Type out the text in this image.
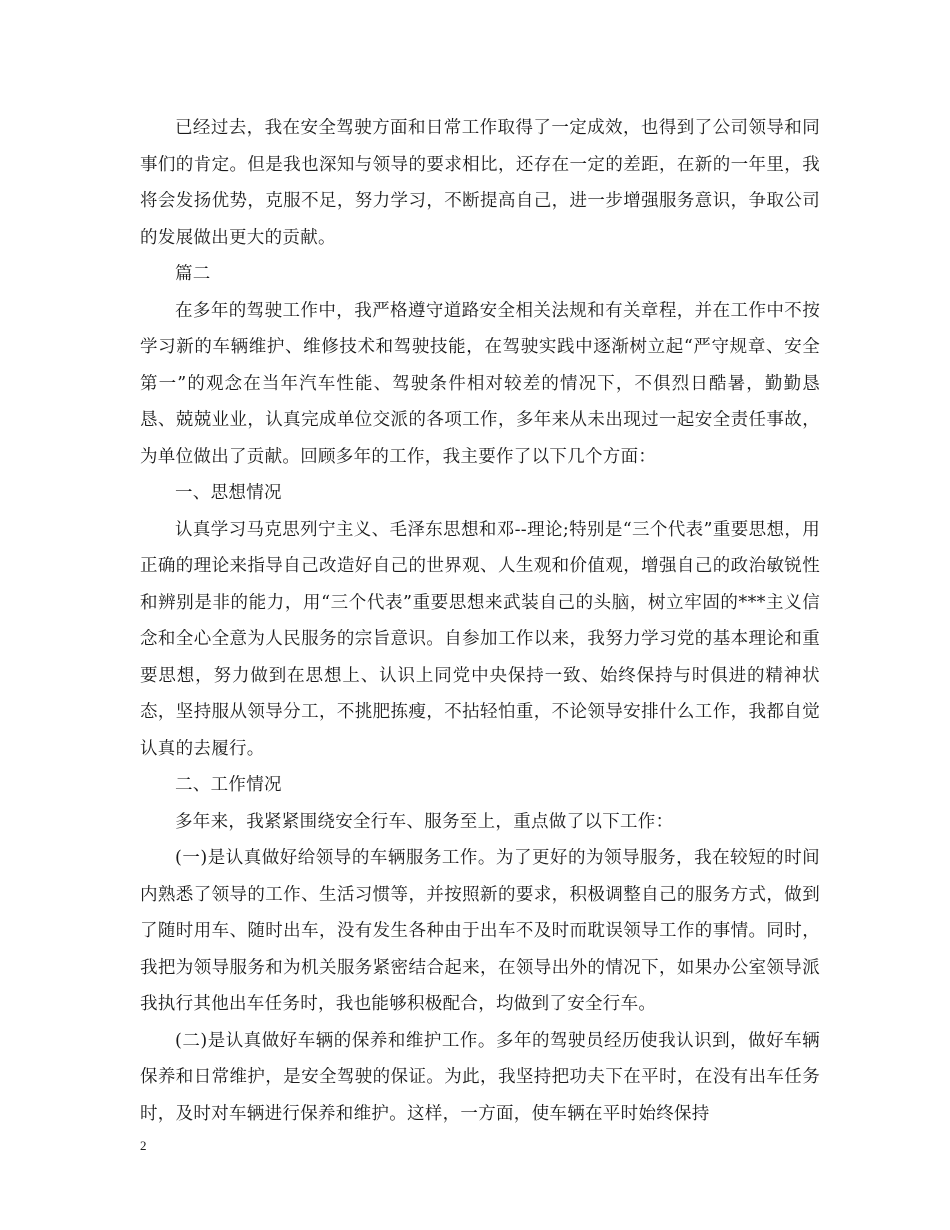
已经过去，我在安全驾驶方面和日常工作取得了一定成效，也得到了公司领导和同事们的肯定。但是我也深知与领导的要求相比，还存在一定的差距，在新的一年里，我将会发扬优势，克服不足，努力学习，不断提高自己，进一步增强服务意识，争取公司的发展做出更大的贡献。

篇二

在多年的驾驶工作中，我严格遵守道路安全相关法规和有关章程，并在工作中不按学习新的车辆维护、维修技术和驾驶技能，在驾驶实践中逐渐树立起“严守规章、安全第一”的观念在当年汽车性能、驾驶条件相对较差的情况下，不俱烈日酷暑，勤勤恳恳、兢兢业业，认真完成单位交派的各项工作，多年来从未出现过一起安全责任事故，为单位做出了贡献。回顾多年的工作，我主要作了以下几个方面：

一、思想情况

认真学习马克思列宁主义、毛泽东思想和邓--理论;特别是“三个代表”重要思想，用正确的理论来指导自己改造好自己的世界观、人生观和价值观，增强自己的政治敏锐性和辨别是非的能力，用“三个代表”重要思想来武装自己的头脑，树立牢固的***主义信念和全心全意为人民服务的宗旨意识。自参加工作以来，我努力学习党的基本理论和重要思想，努力做到在思想上、认识上同党中央保持一致、始终保持与时俱进的精神状态，坚持服从领导分工，不挑肥拣瘦，不拈轻怕重，不论领导安排什么工作，我都自觉认真的去履行。

二、工作情况

多年来，我紧紧围绕安全行车、服务至上，重点做了以下工作：

(一)是认真做好给领导的车辆服务工作。为了更好的为领导服务，我在较短的时间内熟悉了领导的工作、生活习惯等，并按照新的要求，积极调整自己的服务方式，做到了随时用车、随时出车，没有发生各种由于出车不及时而耽误领导工作的事情。同时，我把为领导服务和为机关服务紧密结合起来，在领导出外的情况下，如果办公室领导派我执行其他出车任务时，我也能够积极配合，均做到了安全行车。

(二)是认真做好车辆的保养和维护工作。多年的驾驶员经历使我认识到，做好车辆保养和日常维护，是安全驾驶的保证。为此，我坚持把功夫下在平时，在没有出车任务时，及时对车辆进行保养和维护。这样，一方面，使车辆在平时始终保持

2
